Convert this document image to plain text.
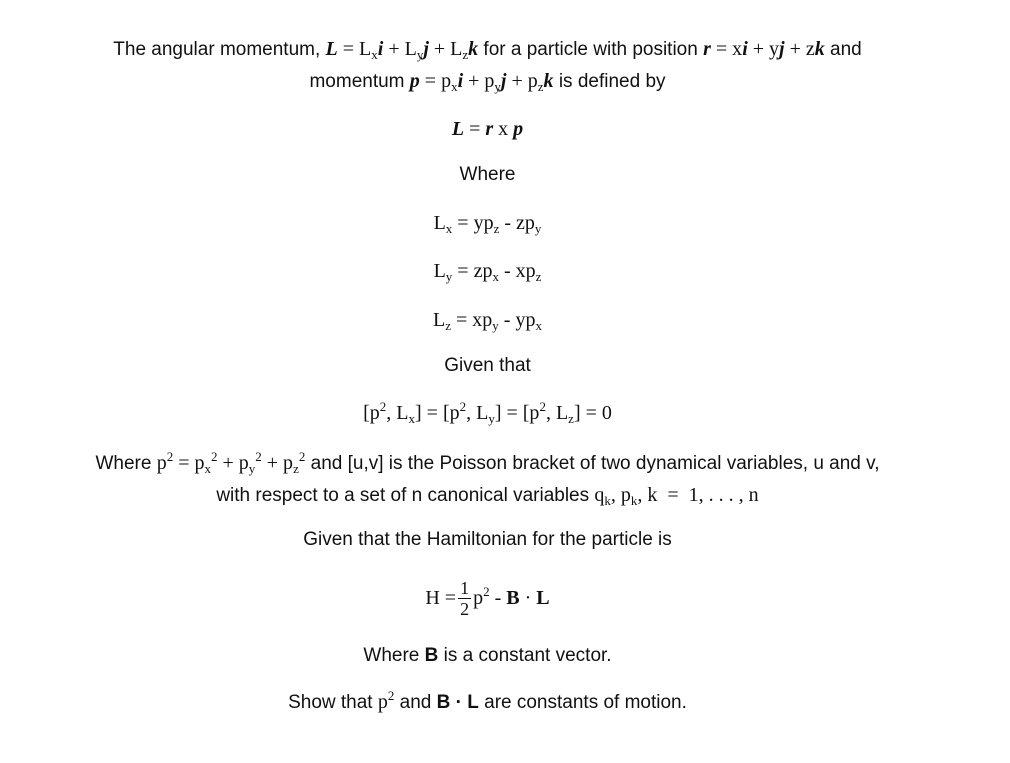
The angular momentum, $L = L_xi + L_yj + L_zk$ for a particle with position r = xi + yj + zk and
momentum $p = p_xi + p_yj + p_zk$ is defined by
L = r x p
Where
$L_x = yp_z - zp_y$
$L_y = zp_x - xp_z$
$L_z = xp_y - yp_x$
Given that
[$p^2$, $L_x] = [p^2$, $L_y] = [p^2$, $L_z] = 0$
Where $p^2 = p_x^2 + p_y^2 + p_z^2$ and [u,v] is the Poisson bracket of two dynamical variables, u and v,
with respect to a set of n canonical variables $q_k$, $p_k$, k  =  1, . . . , n
Given that the Hamiltonian for the particle is
$H = \frac{1}{2} p^2 - B \cdot L$
Where B is a constant vector.
Show that $p^2$ and B · L are constants of motion.
